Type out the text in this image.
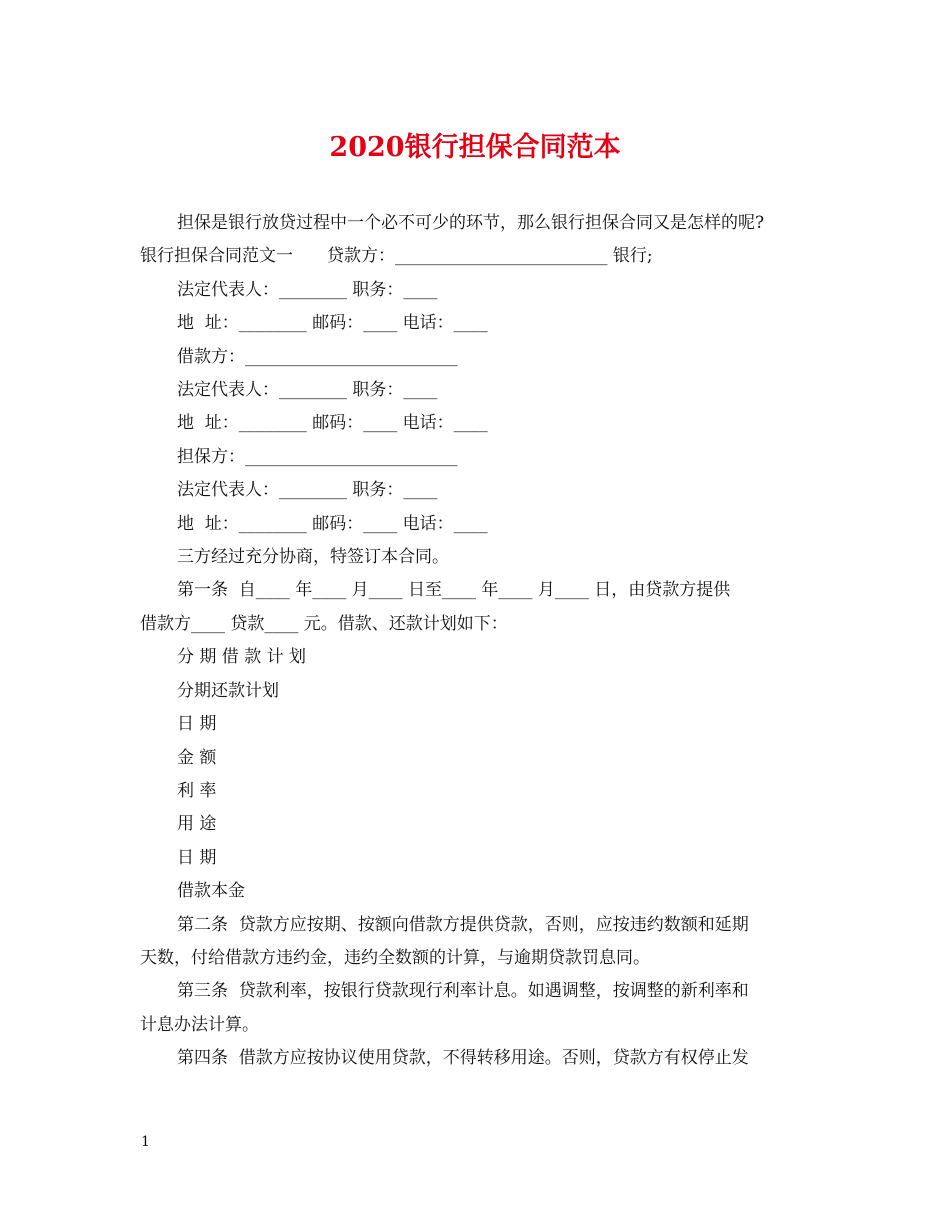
2020银行担保合同范本

担保是银行放贷过程中一个必不可少的环节，那么银行担保合同又是怎样的呢?

银行担保合同范文一　　贷款方：_________________________ 银行;

法定代表人：________ 职务：____

地  址：________ 邮码：____ 电话：____

借款方：_________________________

法定代表人：________ 职务：____

地  址：________ 邮码：____ 电话：____

担保方：_________________________

法定代表人：________ 职务：____

地  址：________ 邮码：____ 电话：____

三方经过充分协商，特签订本合同。

第一条  自____ 年____ 月____ 日至____ 年____ 月____ 日，由贷款方提供

借款方____ 贷款____ 元。借款、还款计划如下：

分 期 借 款 计 划

分期还款计划

日 期

金 额

利 率

用 途

日 期

借款本金

第二条  贷款方应按期、按额向借款方提供贷款，否则，应按违约数额和延期

天数，付给借款方违约金，违约全数额的计算，与逾期贷款罚息同。

第三条  贷款利率，按银行贷款现行利率计息。如遇调整，按调整的新利率和

计息办法计算。

第四条  借款方应按协议使用贷款，不得转移用途。否则，贷款方有权停止发

1
